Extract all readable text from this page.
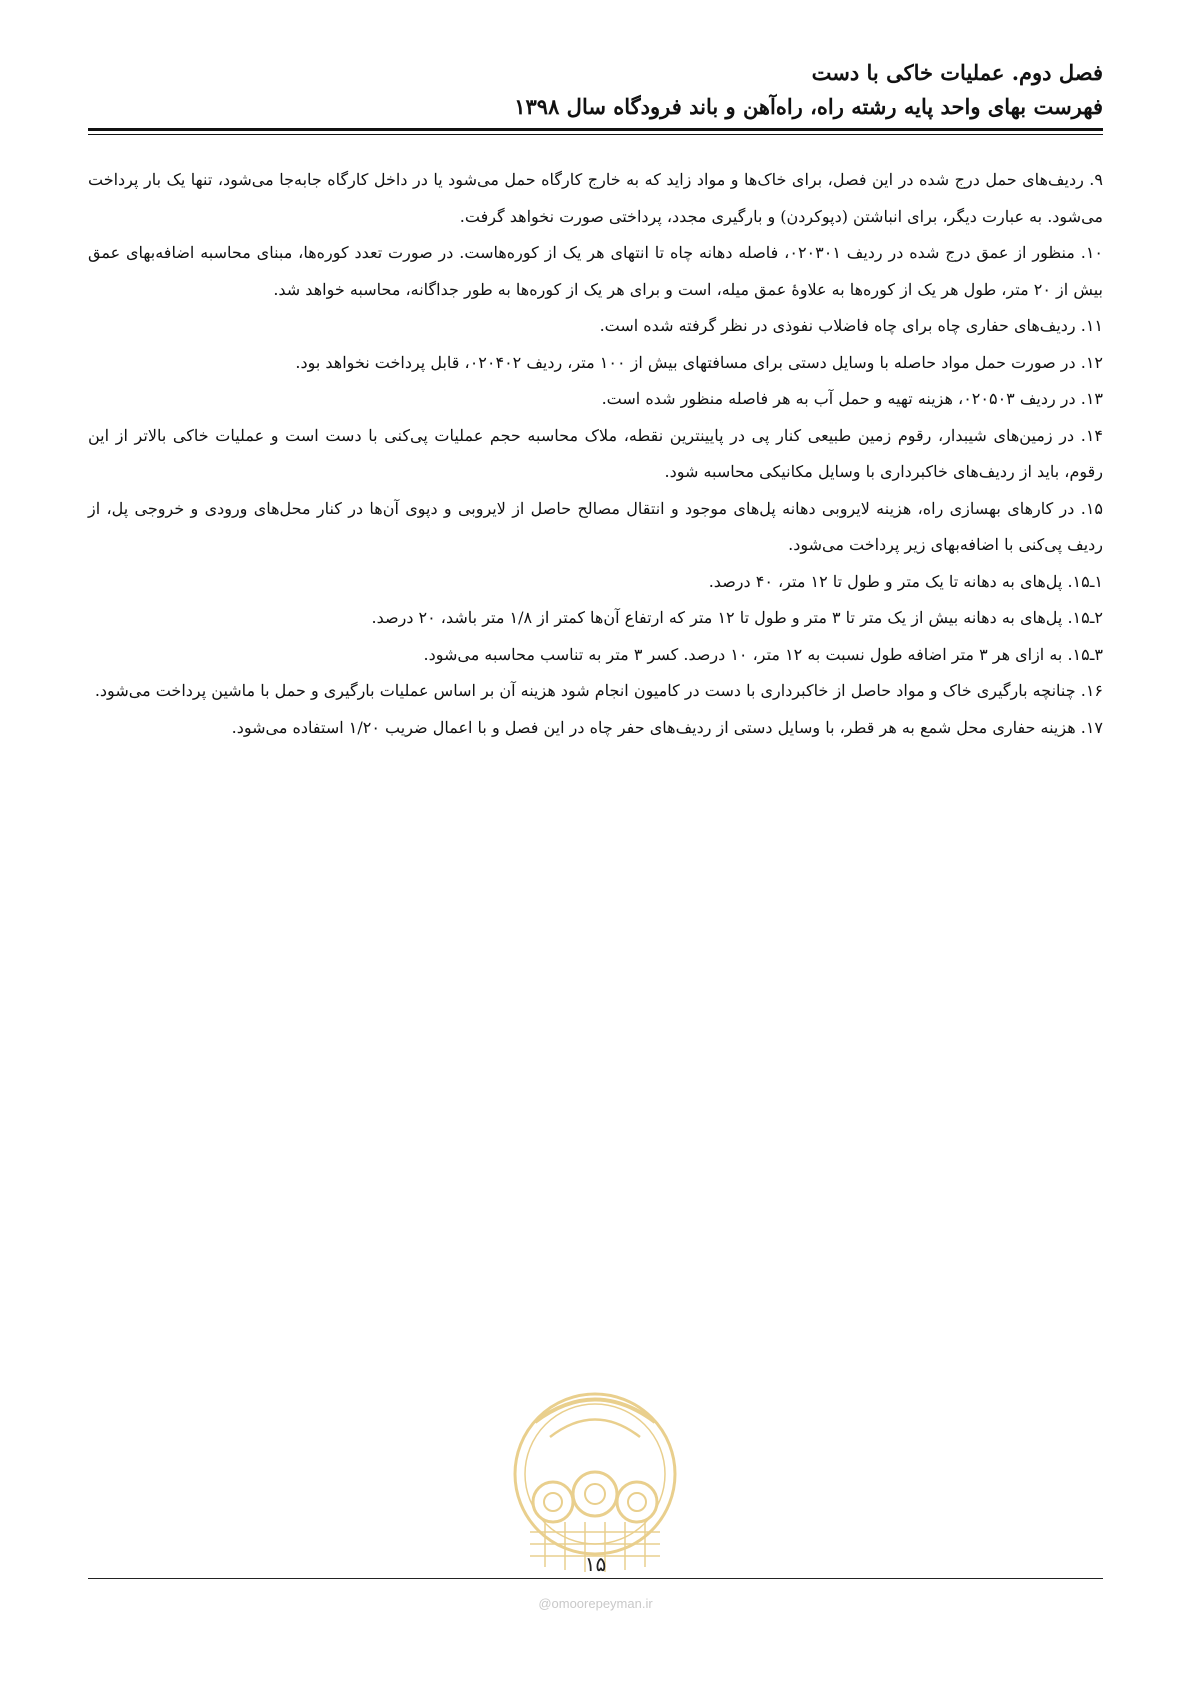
فصل دوم. عملیات خاکی با دست
فهرست بهای واحد پایه رشته راه، راه‌آهن و باند فرودگاه سال ۱۳۹۸

۹. ردیف‌های حمل درج شده در این فصل، برای خاک‌ها و مواد زاید که به خارج کارگاه حمل می‌شود یا در داخل کارگاه جابه‌جا می‌شود، تنها یک بار پرداخت می‌شود. به عبارت دیگر، برای انباشتن (دپوکردن) و بارگیری مجدد، پرداختی صورت نخواهد گرفت.

۱۰. منظور از عمق درج شده در ردیف ۰۲۰۳۰۱، فاصله دهانه چاه تا انتهای هر یک از کوره‌هاست. در صورت تعدد کوره‌ها، مبنای محاسبه اضافه‌بهای عمق بیش از ۲۰ متر، طول هر یک از کوره‌ها به علاوهٔ عمق میله، است و برای هر یک از کوره‌ها به طور جداگانه، محاسبه خواهد شد.

۱۱. ردیف‌های حفاری چاه برای چاه فاضلاب نفوذی در نظر گرفته شده است.

۱۲. در صورت حمل مواد حاصله با وسایل دستی برای مسافتهای بیش از ۱۰۰ متر، ردیف ۰۲۰۴۰۲، قابل پرداخت نخواهد بود.

۱۳. در ردیف ۰۲۰۵۰۳، هزینه تهیه و حمل آب به هر فاصله منظور شده است.

۱۴. در زمین‌های شیبدار، رقوم زمین طبیعی کنار پی در پایینترین نقطه، ملاک محاسبه حجم عملیات پی‌کنی با دست است و عملیات خاکی بالاتر از این رقوم، باید از ردیف‌های خاکبرداری با وسایل مکانیکی محاسبه شود.

۱۵. در کارهای بهسازی راه، هزینه لایروبی دهانه پل‌های موجود و انتقال مصالح حاصل از لایروبی و دپوی آن‌ها در کنار محل‌های ورودی و خروجی پل، از ردیف پی‌کنی با اضافه‌بهای زیر پرداخت می‌شود.

۱ـ۱۵. پل‌های به دهانه تا یک متر و طول تا ۱۲ متر، ۴۰ درصد.

۲ـ۱۵. پل‌های به دهانه بیش از یک متر تا ۳ متر و طول تا ۱۲ متر که ارتفاع آن‌ها کمتر از ۱/۸ متر باشد، ۲۰ درصد.

۳ـ۱۵. به ازای هر ۳ متر اضافه طول نسبت به ۱۲ متر، ۱۰ درصد. کسر ۳ متر به تناسب محاسبه می‌شود.

۱۶. چنانچه بارگیری خاک و مواد حاصل از خاکبرداری با دست در کامیون انجام شود هزینه آن بر اساس عملیات بارگیری و حمل با ماشین پرداخت می‌شود.

۱۷. هزینه حفاری محل شمع به هر قطر، با وسایل دستی از ردیف‌های حفر چاه در این فصل و با اعمال ضریب ۱/۲۰ استفاده می‌شود.

۱۵
@omoorepeyman.ir
